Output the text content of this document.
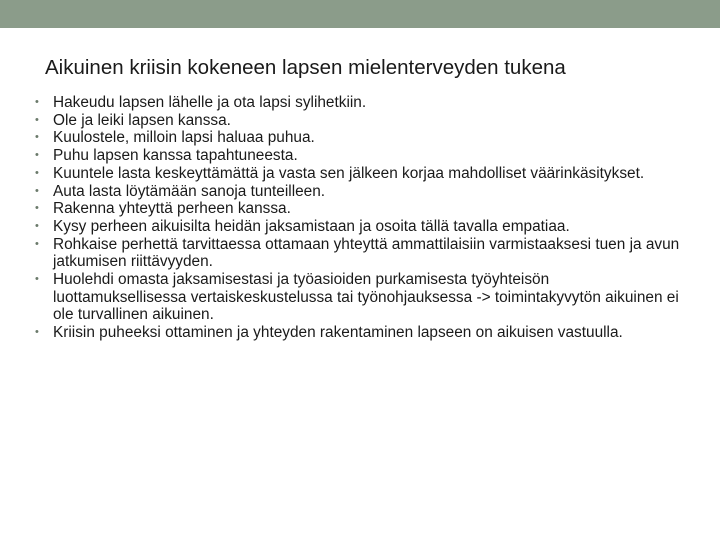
Aikuinen kriisin kokeneen lapsen mielenterveyden tukena
• Hakeudu lapsen lähelle ja ota lapsi sylihetkiin.
• Ole ja leiki lapsen kanssa.
• Kuulostele, milloin lapsi haluaa puhua.
• Puhu lapsen kanssa tapahtuneesta.
• Kuuntele lasta keskeyttämättä ja vasta sen jälkeen korjaa mahdolliset väärinkäsitykset.
• Auta lasta löytämään sanoja tunteilleen.
• Rakenna yhteyttä perheen kanssa.
• Kysy perheen aikuisilta heidän jaksamistaan ja osoita tällä tavalla empatiaa.
• Rohkaise perhettä tarvittaessa ottamaan yhteyttä ammattilaisiin varmistaaksesi tuen ja avun jatkumisen riittävyyden.
• Huolehdi omasta jaksamisestasi ja työasioiden purkamisesta työyhteisön luottamuksellisessa vertaiskeskustelussa tai työnohjauksessa -> toimintakyvytön aikuinen ei ole turvallinen aikuinen.
• Kriisin puheeksi ottaminen ja yhteyden rakentaminen lapseen on aikuisen vastuulla.
